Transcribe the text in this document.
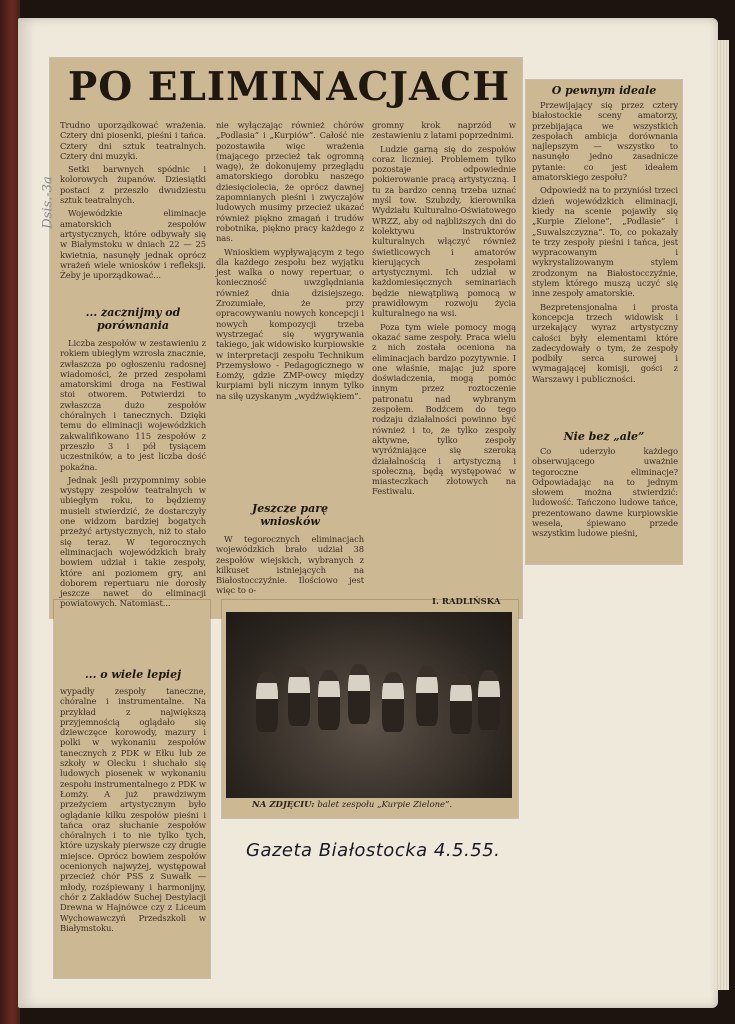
Dsis.-3a
PO ELIMINACJACH

Trudno uporządkować wrażenia. Cztery dni piosenki, pieśni i tańca. Cztery dni sztuk teatralnych. Cztery dni muzyki.

Setki barwnych spódnic i kolorowych żupanów. Dziesiątki postaci z przeszło dwudziestu sztuk teatralnych.

Wojewódzkie eliminacje amatorskich zespołów artystycznych, które odbywały się w Białymstoku w dniach 22 — 25 kwietnia, nasunęły jednak oprócz wrażeń wiele wniosków i refleksji. Żeby je uporządkować...

... zacznijmy od porównania

Liczba zespołów w zestawieniu z rokiem ubiegłym wzrosła znacznie, zwłaszcza po ogłoszeniu radosnej wiadomości, że przed zespołami amatorskimi droga na Festiwal stoi otworem. Potwierdzi to zwłaszcza dużo zespołów chóralnych i tanecznych. Dzięki temu do eliminacji wojewódzkich zakwalifikowano 115 zespołów z przeszło 3 i pół tysiącem uczestników, a to jest liczba dość pokaźna.

Jednak jeśli przypomnimy sobie występy zespołów teatralnych w ubiegłym roku, to będziemy musieli stwierdzić, że dostarczyły one widzom bardziej bogatych przeżyć artystycznych, niż to stało się teraz. W tegorocznych eliminacjach wojewódzkich brały bowiem udział i takie zespoły, które ani poziomem gry, ani doborem repertuaru nie dorosły jeszcze nawet do eliminacji powiatowych. Natomiast...

... o wiele lepiej

wypadły zespoły taneczne, chóralne i instrumentalne. Na przykład z największą przyjemnością oglądało się dziewczęce korowody, mazury i polki w wykonaniu zespołów tanecznych z PDK w Ełku lub ze szkoły w Olecku i słuchało się ludowych piosenek w wykonaniu zespołu instrumentalnego z PDK w Łomży. A już prawdziwym przeżyciem artystycznym było oglądanie kilku zespołów pieśni i tańca oraz słuchanie zespołów chóralnych i to nie tylko tych, które uzyskały pierwsze czy drugie miejsce. Oprócz bowiem zespołów ocenionych najwyżej, występował przecież chór PSS z Suwałk — młody, rozśpiewany i harmonijny, chór z Zakładów Suchej Destylacji Drewna w Hajnówce czy z Liceum Wychowawczyń Przedszkoli w Białymstoku.

nie wyłączając również chórów „Podlasia” i „Kurpiów”. Całość nie pozostawiła więc wrażenia (mającego przecież tak ogromną wagę), że dokonujemy przeglądu amatorskiego dorobku naszego dziesięciolecia, że oprócz dawnej zapomnianych pieśni i zwyczajów ludowych musimy przecież ukazać również piękno zmagań i trudów robotnika, piękno pracy każdego z nas.

Wnioskiem wypływającym z tego dla każdego zespołu bez wyjątku jest walka o nowy repertuar, o konieczność uwzględniania również dnia dzisiejszego. Zrozumiałe, że przy opracowywaniu nowych koncepcji i nowych kompozycji trzeba wystrzegać się wygrywania takiego, jak widowisko kurpiowskie w interpretacji zespołu Technikum Przemysłowo - Pedagogicznego w Łomży, gdzie ZMP-owcy między kurpiami byli niczym innym tylko na siłę uzyskanym „wydźwiękiem”.

Jeszcze parę wniosków

W tegorocznych eliminacjach wojewódzkich brało udział 38 zespołów wiejskich, wybranych z kilkuset istniejących na Białostocczyźnie. Ilościowo jest więc to o-

gromny krok naprzód w zestawieniu z latami poprzednimi.

Ludzie garną się do zespołów coraz liczniej. Problemem tylko pozostaje odpowiednie pokierowanie pracą artystyczną. I tu za bardzo cenną trzeba uznać myśl tow. Szubzdy, kierownika Wydziału Kulturalno-Oświatowego WRZZ, aby od najbliższych dni do kolektywu instruktorów kulturalnych włączyć również świetlicowych i amatorów kierujących zespołami artystycznymi. Ich udział w każdomiesięcznych seminariach będzie niewątpliwą pomocą w prawidłowym rozwoju życia kulturalnego na wsi.

Poza tym wiele pomocy mogą okazać same zespoły. Praca wielu z nich została oceniona na eliminacjach bardzo pozytywnie. I one właśnie, mając już spore doświadczenia, mogą pomóc innym przez roztoczenie patronatu nad wybranym zespołem. Bodźcem do tego rodzaju działalności powinno być również i to, że tylko zespoły aktywne, tylko zespoły wyróżniające się szeroką działalnością i artystyczną i społeczną, będą występować w miasteczkach złotowych na Festiwalu.

I. RADLIŃSKA
NA ZDJĘCIU: balet zespołu „Kurpie Zielone”.
O pewnym ideale

Przewijający się przez cztery białostockie sceny amatorzy, przebijająca we wszystkich zespołach ambicja dorównania najlepszym — wszystko to nasunęło jedno zasadnicze pytanie: co jest ideałem amatorskiego zespołu?

Odpowiedź na to przyniósł trzeci dzień wojewódzkich eliminacji, kiedy na scenie pojawiły się „Kurpie Zielone”, „Podlasie” i „Suwalszczyzna”. To, co pokazały te trzy zespoły pieśni i tańca, jest wypracowanym i wykrystalizowanym stylem zrodzonym na Białostocczyźnie, stylem którego muszą uczyć się inne zespoły amatorskie.

Bezpretensjonalna i prosta koncepcja trzech widowisk i urzekający wyraz artystyczny całości były elementami które zadecydowały o tym, że zespoły podbiły serca surowej i wymagającej komisji, gości z Warszawy i publiczności.

Nie bez „ale”

Co uderzyło każdego obserwującego uważnie tegoroczne eliminacje? Odpowiadając na to jednym słowem można stwierdzić: ludowość. Tańczono ludowe tańce, prezentowano dawne kurpiowskie wesela, śpiewano przede wszystkim ludowe pieśni,

Gazeta Białostocka 4.5.55.
